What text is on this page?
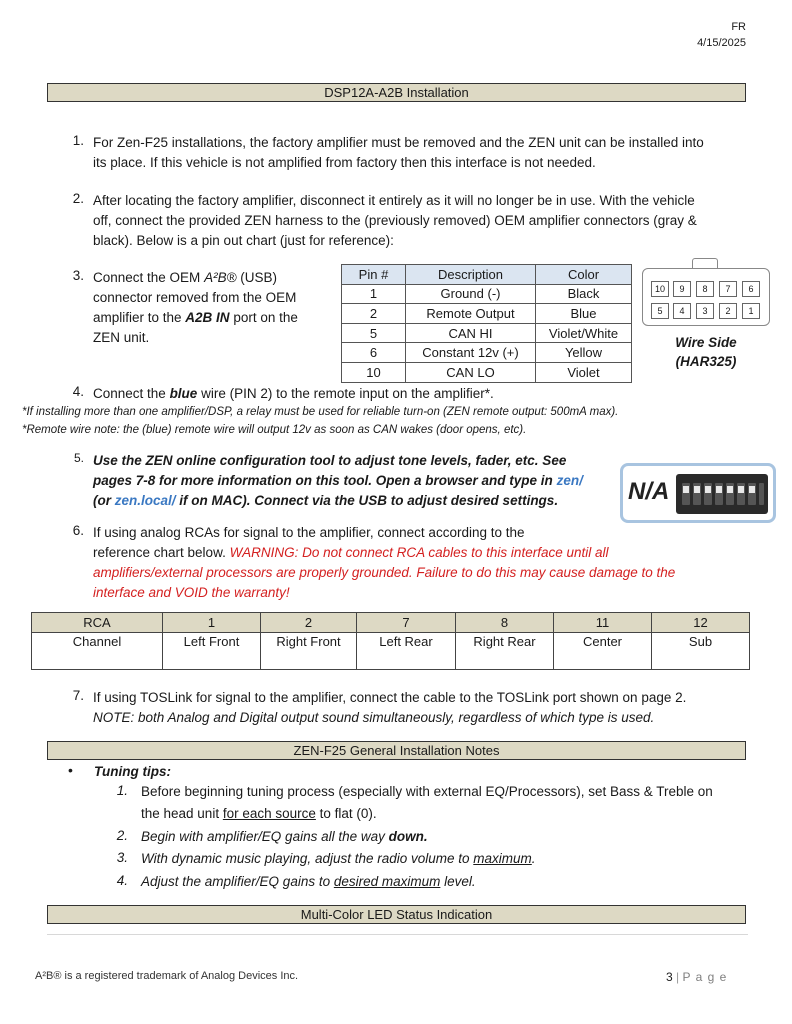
FR
4/15/2025
DSP12A-A2B Installation
1. For Zen-F25 installations, the factory amplifier must be removed and the ZEN unit can be installed into
its place. If this vehicle is not amplified from factory then this interface is not needed.
2. After locating the factory amplifier, disconnect it entirely as it will no longer be in use. With the vehicle
off, connect the provided ZEN harness to the (previously removed) OEM amplifier connectors (gray &
black). Below is a pin out chart (just for reference):
3. Connect the OEM A²B® (USB)
connector removed from the OEM
amplifier to the A2B IN port on the
ZEN unit.
Pin #	Description	Color
1	Ground (-)	Black
2	Remote Output	Blue
5	CAN HI	Violet/White
6	Constant 12v (+)	Yellow
10	CAN LO	Violet
10	9	8	7	6
5	4	3	2	1
Wire Side
(HAR325)
4. Connect the blue wire (PIN 2) to the remote input on the amplifier*.
*If installing more than one amplifier/DSP, a relay must be used for reliable turn-on (ZEN remote output: 500mA max).
*Remote wire note: the (blue) remote wire will output 12v as soon as CAN wakes (door opens, etc).
5. Use the ZEN online configuration tool to adjust tone levels, fader, etc. See
pages 7-8 for more information on this tool. Open a browser and type in zen/
(or zen.local/ if on MAC). Connect via the USB to adjust desired settings.	N/A
6. If using analog RCAs for signal to the amplifier, connect according to the
reference chart below. WARNING: Do not connect RCA cables to this interface until all
amplifiers/external processors are properly grounded. Failure to do this may cause damage to the
interface and VOID the warranty!
RCA	1	2	7	8	11	12
Channel	Left Front	Right Front	Left Rear	Right Rear	Center	Sub
7. If using TOSLink for signal to the amplifier, connect the cable to the TOSLink port shown on page 2.
NOTE: both Analog and Digital output sound simultaneously, regardless of which type is used.
ZEN-F25 General Installation Notes
• Tuning tips:
1. Before beginning tuning process (especially with external EQ/Processors), set Bass & Treble on
the head unit for each source to flat (0).
2. Begin with amplifier/EQ gains all the way down.
3. With dynamic music playing, adjust the radio volume to maximum.
4. Adjust the amplifier/EQ gains to desired maximum level.
Multi-Color LED Status Indication
A²B® is a registered trademark of Analog Devices Inc.	3 | P a g e
